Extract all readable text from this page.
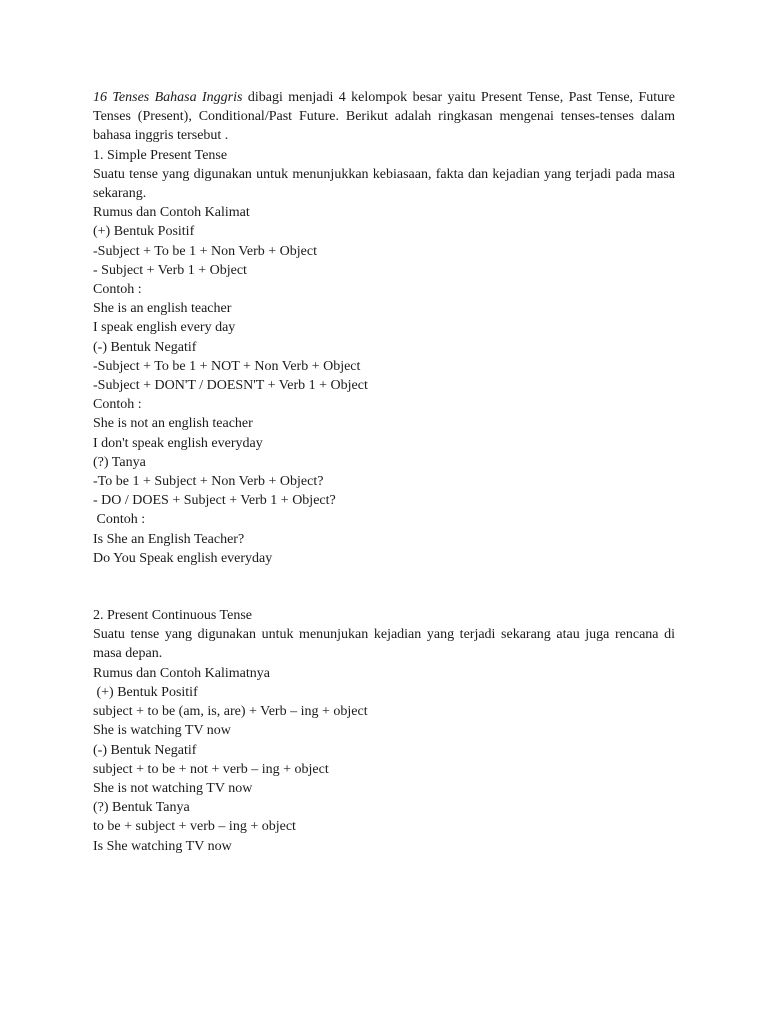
16 Tenses Bahasa Inggris dibagi menjadi 4 kelompok besar yaitu Present Tense, Past Tense, Future Tenses (Present), Conditional/Past Future. Berikut adalah ringkasan mengenai tenses-tenses dalam bahasa inggris tersebut .

1. Simple Present Tense

Suatu tense yang digunakan untuk menunjukkan kebiasaan, fakta dan kejadian yang terjadi pada masa sekarang.

Rumus dan Contoh Kalimat

(+) Bentuk Positif

-Subject + To be 1 + Non Verb + Object

- Subject + Verb 1 + Object

Contoh :

She is an english teacher

I speak english every day

(-) Bentuk Negatif

-Subject + To be 1 + NOT + Non Verb + Object

-Subject + DON'T / DOESN'T + Verb 1 + Object

Contoh :

She is not an english teacher

I don't speak english everyday

(?) Tanya

-To be 1 + Subject + Non Verb + Object?

- DO / DOES + Subject + Verb 1 + Object?

Contoh :

Is She an English Teacher?

Do You Speak english everyday

2. Present Continuous Tense

Suatu tense yang digunakan untuk menunjukan kejadian yang terjadi sekarang atau juga rencana di masa depan.

Rumus dan Contoh Kalimatnya

(+) Bentuk Positif

subject + to be (am, is, are) + Verb – ing + object

She is watching TV now

(-) Bentuk Negatif

subject + to be + not + verb – ing + object

She is not watching TV now

(?) Bentuk Tanya

to be + subject + verb – ing + object

Is She watching TV now
